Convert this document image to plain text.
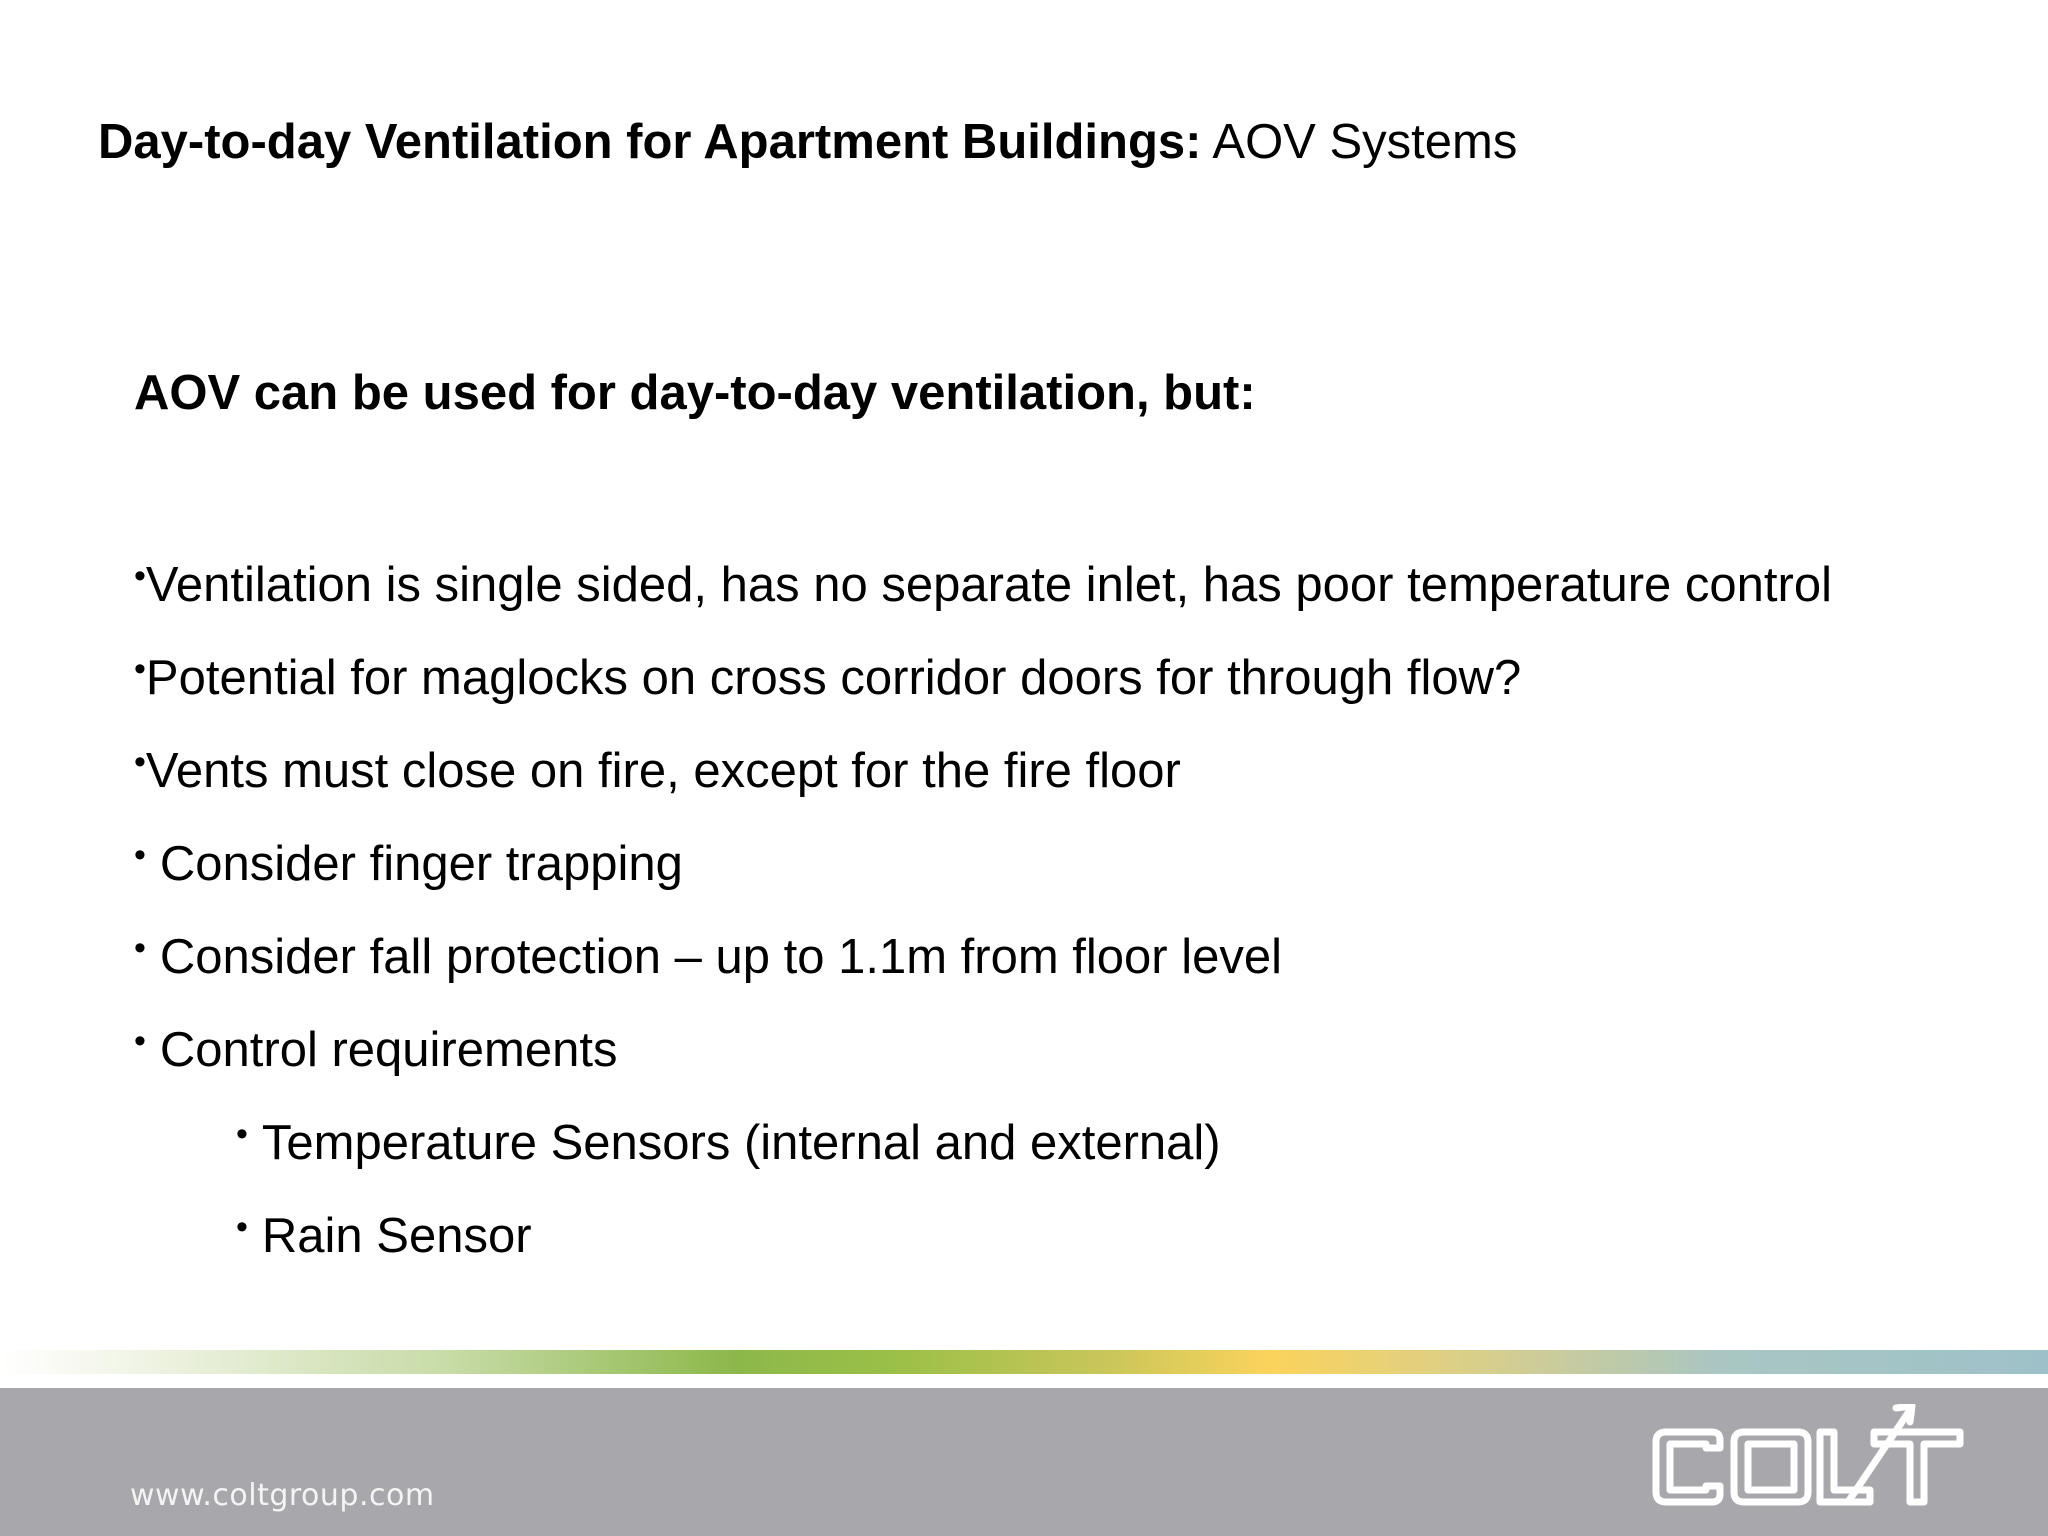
Day-to-day Ventilation for Apartment Buildings: AOV Systems
AOV can be used for day-to-day ventilation, but:
•Ventilation is single sided, has no separate inlet, has poor temperature control
•Potential for maglocks on cross corridor doors for through flow?
•Vents must close on fire, except for the fire floor
• Consider finger trapping
• Consider fall protection – up to 1.1m from floor level
• Control requirements
• Temperature Sensors (internal and external)
• Rain Sensor
www.coltgroup.com
